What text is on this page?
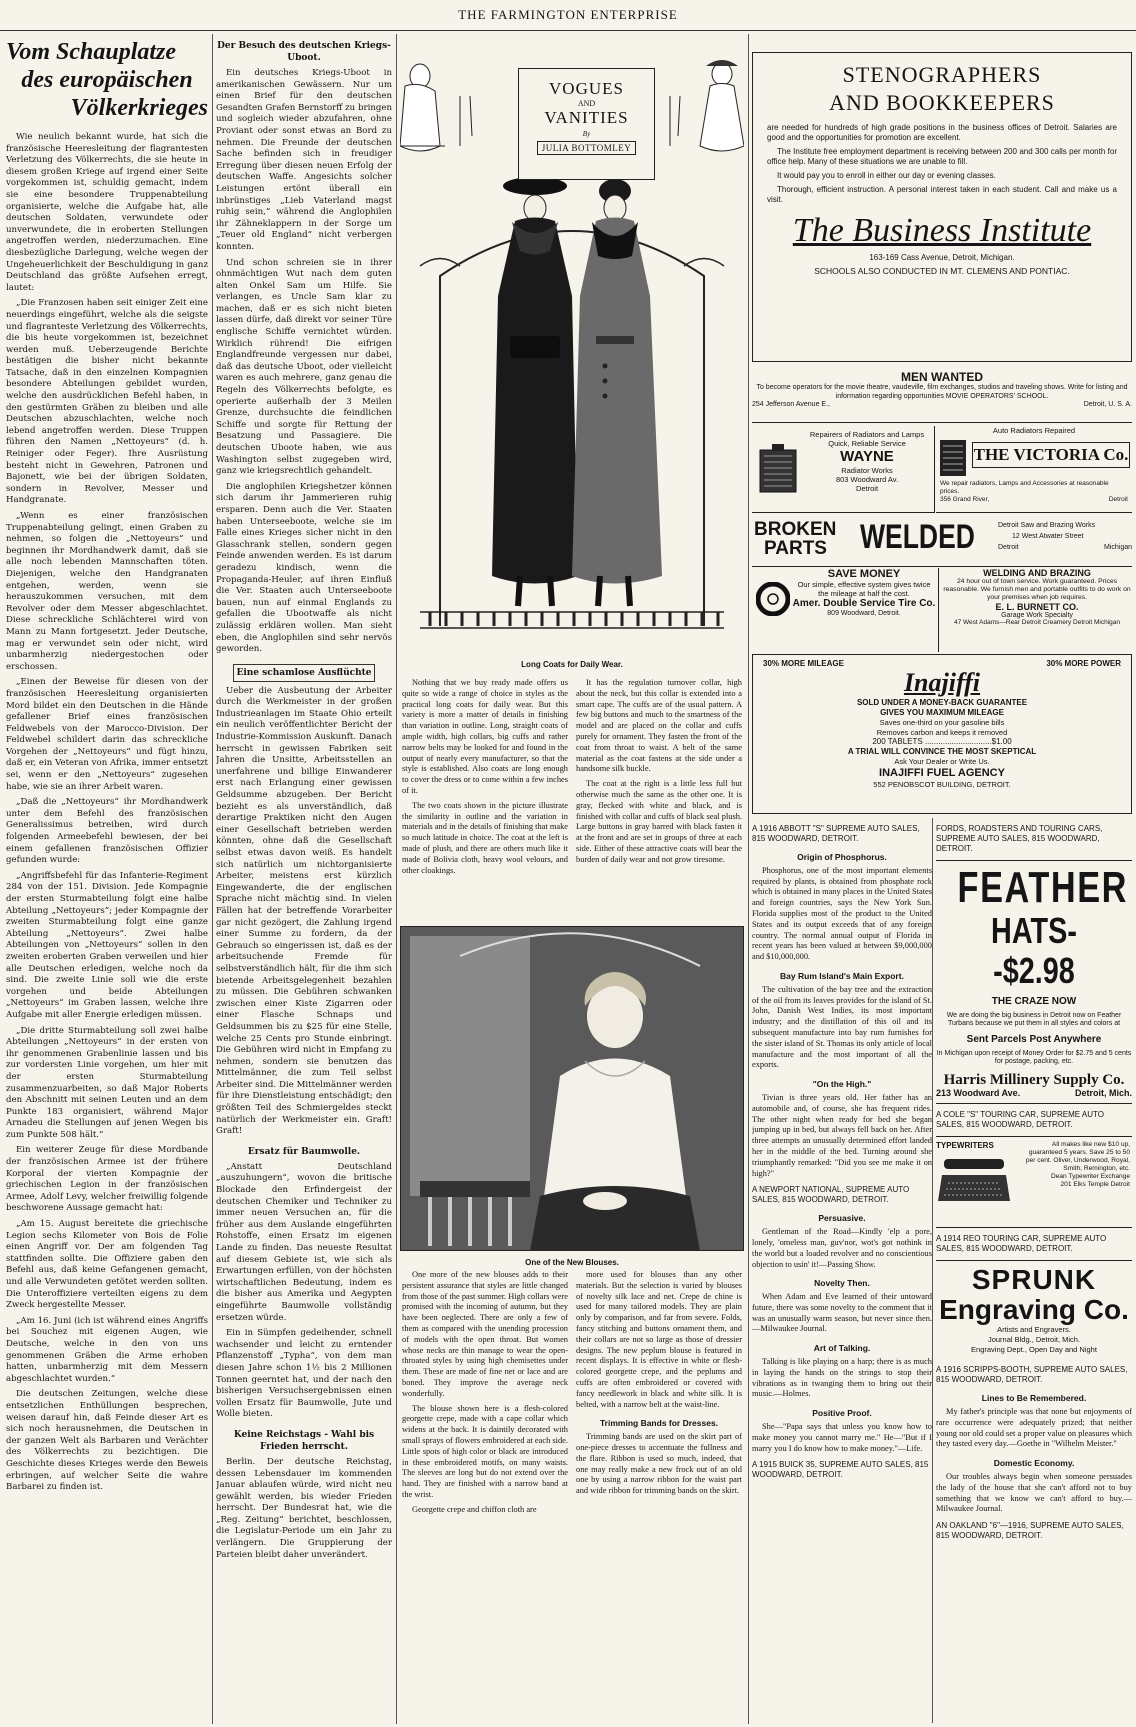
THE FARMINGTON ENTERPRISE
Vom Schauplatze
des europäischen
Völkerkrieges

Wie neulich bekannt wurde, hat sich die französische Heeresleitung der flagrantesten Verletzung des Völkerrechts, die sie heute in diesem großen Kriege auf irgend einer Seite vorgekommen ist, schuldig gemacht, indem sie eine besondere Truppenabteilung organisierte, welche die Aufgabe hat, alle deutschen Soldaten, verwundete oder unverwundete, die in eroberten Stellungen angetroffen werden, niederzumachen. Eine diesbezügliche Darlegung, welche wegen der Ungeheuerlichkeit der Beschuldigung in ganz Deutschland das größte Aufsehen erregt, lautet:

„Die Franzosen haben seit einiger Zeit eine neuerdings eingeführt, welche als die seigste und flagranteste Verletzung des Völkerrechts, die bis heute vorgekommen ist, bezeichnet werden muß. Ueberzeugende Berichte bestätigen die bisher nicht bekannte Tatsache, daß in den einzelnen Kompagnien besondere Abteilungen gebildet wurden, welche den ausdrücklichen Befehl haben, in den gestürmten Gräben zu bleiben und alle Deutschen abzuschlachten, welche noch lebend angetroffen werden. Diese Truppen führen den Namen „Nettoyeurs“ (d. h. Reiniger oder Feger). Ihre Ausrüstung besteht nicht in Gewehren, Patronen und Bajonett, wie bei der übrigen Soldaten, sondern in Revolver, Messer und Handgranate.

„Wenn es einer französischen Truppenabteilung gelingt, einen Graben zu nehmen, so folgen die „Nettoyeurs“ und beginnen ihr Mordhandwerk damit, daß sie alle noch lebenden Mannschaften töten. Diejenigen, welche den Handgranaten entgehen, werden, wenn sie herauszukommen versuchen, mit dem Revolver oder dem Messer abgeschlachtet. Diese schreckliche Schlächterei wird von Mann zu Mann fortgesetzt. Jeder Deutsche, mag er verwundet sein oder nicht, wird unbarmherzig niedergestochen oder erschossen.

„Einen der Beweise für diesen von der französischen Heeresleitung organisierten Mord bildet ein den Deutschen in die Hände gefallener Brief eines französischen Feldwebels von der Marocco-Division. Der Feldwebel schildert darin das schreckliche Vorgehen der „Nettoyeurs“ und fügt hinzu, daß er, ein Veteran von Afrika, immer entsetzt sei, wenn er den „Nettoyeurs“ zugesehen habe, wie sie an ihrer Arbeit waren.

„Daß die „Nettoyeurs“ ihr Mordhandwerk unter dem Befehl des französischen Generalissimus betreiben, wird durch folgenden Armeebefehl bewiesen, der bei einem gefallenen französischen Offizier gefunden wurde:

„Angriffsbefehl für das Infanterie-Regiment 284 von der 151. Division. Jede Kompagnie der ersten Sturmabteilung folgt eine halbe Abteilung „Nettoyeurs“; jeder Kompagnie der zweiten Sturmabteilung folgt eine ganze Abteilung „Nettoyeurs“. Zwei halbe Abteilungen von „Nettoyeurs“ sollen in den zweiten eroberten Graben verweilen und hier alle Deutschen erledigen, welche noch da sind. Die zweite Linie soll wie die erste vorgehen und beide Abteilungen „Nettoyeurs“ im Graben lassen, welche ihre Aufgabe mit aller Energie erledigen müssen.

„Die dritte Sturmabteilung soll zwei halbe Abteilungen „Nettoyeurs“ in der ersten von ihr genommenen Grabenlinie lassen und bis zur vordersten Linie vorgehen, um hier mit der ersten Sturmabteilung zusammenzuarbeiten, so daß Major Roberts den Abschnitt mit seinen Leuten und an dem Punkte 183 organisiert, während Major Arnadeu die Stellungen auf jenen Wegen bis zum Punkte 508 hält.“

Ein weiterer Zeuge für diese Mordbande der französischen Armee ist der frühere Korporal der vierten Kompagnie der griechischen Legion in der französischen Armee, Adolf Levy, welcher freiwillig folgende beschworene Aussage gemacht hat:

„Am 15. August bereitete die griechische Legion sechs Kilometer von Bois de Folie einen Angriff vor. Der am folgenden Tag stattfinden sollte. Die Offiziere gaben den Befehl aus, daß keine Gefangenen gemacht, und alle Verwundeten getötet werden sollten. Die Unteroffiziere verteilten eigens zu dem Zweck hergestellte Messer.

„Am 16. Juni (ich ist während eines Angriffs bei Souchez mit eigenen Augen, wie Deutsche, welche in den von uns genommenen Gräben die Arme erhoben hatten, unbarmherzig mit dem Messern abgeschlachtet wurden.“

Die deutschen Zeitungen, welche diese entsetzlichen Enthüllungen besprechen, weisen darauf hin, daß Feinde dieser Art es sich noch herausnehmen, die Deutschen in der ganzen Welt als Barbaren und Verächter des Völkerrechts zu bezichtigen. Die Geschichte dieses Krieges werde den Beweis erbringen, auf welcher Seite die wahre Barbarei zu finden ist.

Der Besuch des deutschen Kriegs-Uboot.

Ein deutsches Kriegs-Uboot in amerikanischen Gewässern. Nur um einen Brief für den deutschen Gesandten Grafen Bernstorff zu bringen und sogleich wieder abzufahren, ohne Proviant oder sonst etwas an Bord zu nehmen. Die Freunde der deutschen Sache befinden sich in freudiger Erregung über diesen neuen Erfolg der deutschen Waffe. Angesichts solcher Leistungen ertönt überall ein inbrünstiges „Lieb Vaterland magst ruhig sein,“ während die Anglophilen ihr Zähneklappern in der Sorge um „Teuer old England“ nicht verbergen konnten.

Und schon schreien sie in ihrer ohnmächtigen Wut nach dem guten alten Onkel Sam um Hilfe. Sie verlangen, es Uncle Sam klar zu machen, daß er es sich nicht bieten lassen dürfe, daß direkt vor seiner Türe englische Schiffe vernichtet würden. Wirklich rührend! Die eifrigen Englandfreunde vergessen nur dabei, daß das deutsche Uboot, oder vielleicht waren es auch mehrere, ganz genau die Regeln des Völkerrechts befolgte, es operierte außerhalb der 3 Meilen Grenze, durchsuchte die feindlichen Schiffe und sorgte für Rettung der Besatzung und Passagiere. Die deutschen Uboote haben, wie aus Washington selbst zugegeben wird, ganz wie kriegsrechtlich gehandelt.

Die anglophilen Kriegshetzer können sich darum ihr Jammerieren ruhig ersparen. Denn auch die Ver. Staaten haben Unterseeboote, welche sie im Falle eines Krieges sicher nicht in den Glasschrank stellen, sondern gegen Feinde anwenden werden. Es ist darum geradezu kindisch, wenn die Propaganda-Heuler, auf ihren Einfluß die Ver. Staaten auch Unterseeboote bauen, nun auf einmal Englands zu gefallen die Ubootwaffe als nicht zulässig erklären wollen. Man sieht eben, die Anglophilen sind sehr nervös geworden.

Eine schamlose Ausflüchte

Ueber die Ausbeutung der Arbeiter durch die Werkmeister in der großen Industrieanlagen im Staate Ohio erteilt ein neulich veröffentlichter Bericht der Industrie-Kommission Auskunft. Danach herrscht in gewissen Fabriken seit Jahren die Unsitte, Arbeitsstellen an unerfahrene und billige Einwanderer erst nach Erlangung einer gewissen Geldsumme abzugeben. Der Bericht bezieht es als unverständlich, daß derartige Praktiken nicht den Augen einer Gesellschaft betrieben werden könnten, ohne daß die Gesellschaft selbst etwas davon weiß. Es handelt sich natürlich um nichtorganisierte Arbeiter, meistens erst kürzlich Eingewanderte, die der englischen Sprache nicht mächtig sind. In vielen Fällen hat der betreffende Vorarbeiter gar nicht gezögert, die Zahlung irgend einer Summe zu fordern, da der Gebrauch so eingerissen ist, daß es der arbeitsuchende Fremde für selbstverständlich hält, für die ihm sich bietende Arbeitsgelegenheit bezahlen zu müssen. Die Gebühren schwanken zwischen einer Kiste Zigarren oder einer Flasche Schnaps und Geldsummen bis zu $25 für eine Stelle, welche 25 Cents pro Stunde einbringt. Die Gebühren wird nicht in Empfang zu nehmen, sondern sie benutzen das Mittelmänner, die zum Teil selbst Arbeiter sind. Die Mittelmänner werden für ihre Dienstleistung entschädigt; den größten Teil des Schmiergeldes steckt natürlich der Werkmeister ein. Graft! Graft!

Ersatz für Baumwolle.

„Anstatt Deutschland „auszuhungern“, wovon die britische Blockade den Erfindergeist der deutschen Chemiker und Techniker zu immer neuen Versuchen an, für die früher aus dem Auslande eingeführten Rohstoffe, einen Ersatz im eigenen Lande zu finden. Das neueste Resultat auf diesem Gebiete ist, wie sich als Erwartungen erfüllen, von der höchsten wirtschaftlichen Bedeutung, indem es die bisher aus Amerika und Aegypten eingeführte Baumwolle vollständig ersetzen würde.

Ein in Sümpfen gedeihender, schnell wachsender und leicht zu erntender Pflanzenstoff „Typha“, von dem man diesen Jahre schon 1½ bis 2 Millionen Tonnen geerntet hat, und der nach den bisherigen Versuchsergebnissen einen vollen Ersatz für Baumwolle, Jute und Wolle bieten.

Keine Reichstags - Wahl bis Frieden herrscht.

Berlin. Der deutsche Reichstag, dessen Lebensdauer im kommenden Januar ablaufen würde, wird nicht neu gewählt werden, bis wieder Frieden herrscht. Der Bundesrat hat, wie die „Reg. Zeitung“ berichtet, beschlossen, die Legislatur-Periode um ein Jahr zu verlängern. Die Gruppierung der Parteien bleibt daher unverändert.

VOGUES
AND
VANITIES
By
JULIA BOTTOMLEY
Long Coats for Daily Wear.

Nothing that we buy ready made offers us quite so wide a range of choice in styles as the practical long coats for daily wear. But this variety is more a matter of details in finishing than variation in outline. Long, straight coats of ample width, high collars, big cuffs and rather narrow belts may be looked for and found in the output of nearly every manufacturer, so that the style is established. Also coats are long enough to cover the dress or to come within a few inches of it.

The two coats shown in the picture illustrate the similarity in outline and the variation in materials and in the details of finishing that make so much latitude in choice. The coat at the left is made of plush, and there are others much like it made of Bolivia cloth, heavy wool velours, and other cloakings.

It has the regulation turnover collar, high about the neck, but this collar is extended into a smart cape. The cuffs are of the usual pattern. A few big buttons and much to the smartness of the model and are placed on the collar and cuffs purely for ornament. They fasten the front of the coat from throat to waist. A belt of the same material as the coat fastens at the side under a handsome silk buckle.

The coat at the right is a little less full but otherwise much the same as the other one. It is gray, flecked with white and black, and is finished with collar and cuffs of black seal plush. Large buttons in gray barred with black fasten it at the front and are set in groups of three at each side. Either of these attractive coats will bear the burden of daily wear and not grow tiresome.

One of the New Blouses.

One more of the new blouses adds to their persistent assurance that styles are little changed from those of the past summer. High collars were promised with the incoming of autumn, but they have been neglected. There are only a few of them as compared with the unending procession of models with the open throat. But women whose necks are thin manage to wear the open-throated styles by using high chemisettes under them. These are made of fine net or lace and are boned. They improve the average neck wonderfully.

The blouse shown here is a flesh-colored georgette crepe, made with a cape collar which widens at the back. It is daintily decorated with small sprays of flowers embroidered at each side. Little spots of high color or black are introduced in these embroidered motifs, on many waists. The sleeves are long but do not extend over the hand. They are finished with a narrow band at the wrist.

Georgette crepe and chiffon cloth are

more used for blouses than any other materials. But the selection is varied by blouses of novelty silk lace and net. Crepe de chine is used for many tailored models. They are plain only by comparison, and far from severe. Folds, fancy stitching and buttons ornament them, and their collars are not so large as those of dressier designs. The new peplum blouse is featured in recent displays. It is effective in white or flesh-colored georgette crepe, and the peplums and cuffs are often embroidered or covered with fancy needlework in black and white silk. It is belted, with a narrow belt at the waist-line.

Trimming Bands for Dresses.

Trimming bands are used on the skirt part of one-piece dresses to accentuate the fullness and the flare. Ribbon is used so much, indeed, that one may really make a new frock out of an old one by using a narrow ribbon for the waist part and wide ribbon for trimming bands on the skirt.

STENOGRAPHERS
AND BOOKKEEPERS

are needed for hundreds of high grade positions in the business offices of Detroit. Salaries are good and the opportunities for promotion are excellent.

The Institute free employment department is receiving between 200 and 300 calls per month for office help. Many of these situations we are unable to fill.

It would pay you to enroll in either our day or evening classes.

Thorough, efficient instruction. A personal interest taken in each student. Call and make us a visit.

The Business Institute
163-169 Cass Avenue, Detroit, Michigan.
SCHOOLS ALSO CONDUCTED IN MT. CLEMENS AND PONTIAC.
MEN WANTED
To become operators for the movie theatre, vaudeville, film exchanges, studios and traveling shows. Write for listing and information regarding opportunities MOVIE OPERATORS' SCHOOL.
254 Jefferson Avenue E.,	Detroit, U. S. A.
Repairers of Radiators and Lamps
Quick, Reliable Service
WAYNE
Radiator Works
803 Woodward Av.
Detroit
Auto Radiators Repaired
THE VICTORIA Co.
We repair radiators, Lamps and Accessories at reasonable prices.
356 Grand River,	Detroit
BROKEN
PARTS WELDED	Detroit Saw and Brazing Works
12 West Atwater Street
Detroit	Michigan
SAVE MONEY
Our simple, effective system gives twice the mileage at half the cost.
Amer. Double Service Tire Co.
809 Woodward, Detroit.
WELDING AND BRAZING
24 hour out of town service. Work guaranteed. Prices reasonable. We furnish men and portable outfits to do work on your premises when job requires.
E. L. BURNETT CO.
Garage Work Specialty
47 West Adams—Rear Detroit Creamery Detroit Michigan
30% MORE MILEAGE	30% MORE POWER
Inajiffi
SOLD UNDER A MONEY-BACK GUARANTEE
GIVES YOU MAXIMUM MILEAGE
Saves one-third on your gasoline bills
Removes carbon and keeps it removed
200 TABLETS ..............................$1.00
A TRIAL WILL CONVINCE THE MOST SKEPTICAL
Ask Your Dealer or Write Us.
INAJIFFI FUEL AGENCY
552 PENOBSCOT BUILDING, DETROIT.
A 1916 ABBOTT "S" SUPREME AUTO SALES, 815 WOODWARD, DETROIT.
Origin of Phosphorus.

Phosphorus, one of the most important elements required by plants, is obtained from phosphate rock which is obtained in many places in the United States and foreign countries, says the New York Sun. Florida supplies most of the product to the United States and its output exceeds that of any foreign country. The normal annual output of Florida in recent years has been valued at between $9,000,000 and $10,000,000.

Bay Rum Island's Main Export.

The cultivation of the bay tree and the extraction of the oil from its leaves provides for the island of St. John, Danish West Indies, its most important industry; and the distillation of this oil and its subsequent manufacture into bay rum furnishes for the sister island of St. Thomas its only article of local manufacture and the most important of all the exports.

"On the High."

Tivian is three years old. Her father has an automobile and, of course, she has frequent rides. The other night when ready for bed she began jumping up in bed, but always fell back on her. After three attempts an unusually determined effort landed her in the middle of the bed. Turning around she triumphantly remarked: "Did you see me make it on high?"

A NEWPORT NATIONAL, SUPREME AUTO SALES, 815 WOODWARD, DETROIT.
Persuasive.

Gentleman of the Road—Kindly 'elp a pore, lonely, 'omeless man, guv'nor, wot's got nothink in the world but a loaded revolver and no conscientious objection to usin' it!—Passing Show.

Novelty Then.

When Adam and Eve learned of their untoward future, there was some novelty to the comment that it was an unusually warm season, but never since then.—Milwaukee Journal.

Art of Talking.

Talking is like playing on a harp; there is as much in laying the hands on the strings to stop their vibrations as in twanging them to bring out their music.—Holmes.

Positive Proof.

She—"Papa says that unless you know how to make money you cannot marry me." He—"But if I marry you I do know how to make money."—Life.

A 1915 BUICK 35, SUPREME AUTO SALES, 815 WOODWARD, DETROIT.
FORDS, ROADSTERS AND TOURING CARS, SUPREME AUTO SALES, 815 WOODWARD, DETROIT.
FEATHER
HATS--$2.98
THE CRAZE NOW
We are doing the big business in Detroit now on Feather Turbans because we put them in all styles and colors at
Sent Parcels Post Anywhere
In Michigan upon receipt of Money Order for $2.75 and 5 cents for postage, packing, etc.
Harris Millinery Supply Co.
213 Woodward Ave.	Detroit, Mich.
A COLE "S" TOURING CAR, SUPREME AUTO SALES, 815 WOODWARD, DETROIT.
TYPEWRITERS	All makes like new $10 up, guaranteed 5 years. Save 25 to 50 per cent. Oliver, Underwood, Royal, Smith, Remington, etc.
Dean Typewriter Exchange
201 Elks Temple Detroit
A 1914 REO TOURING CAR, SUPREME AUTO SALES, 815 WOODWARD, DETROIT.
SPRUNK
Engraving Co.
Artists and Engravers.
Journal Bldg., Detroit, Mich.
Engraving Dept., Open Day and Night
A 1916 SCRIPPS-BOOTH, SUPREME AUTO SALES, 815 WOODWARD, DETROIT.
Lines to Be Remembered.

My father's principle was that none but enjoyments of rare occurrence were adequately prized; that neither young nor old could set a proper value on pleasures which they tasted every day.—Goethe in "Wilhelm Meister."

Domestic Economy.

Our troubles always begin when someone persuades the lady of the house that she can't afford not to buy something that we know we can't afford to buy.—Milwaukee Journal.

AN OAKLAND "6"—1916, SUPREME AUTO SALES, 815 WOODWARD, DETROIT.
